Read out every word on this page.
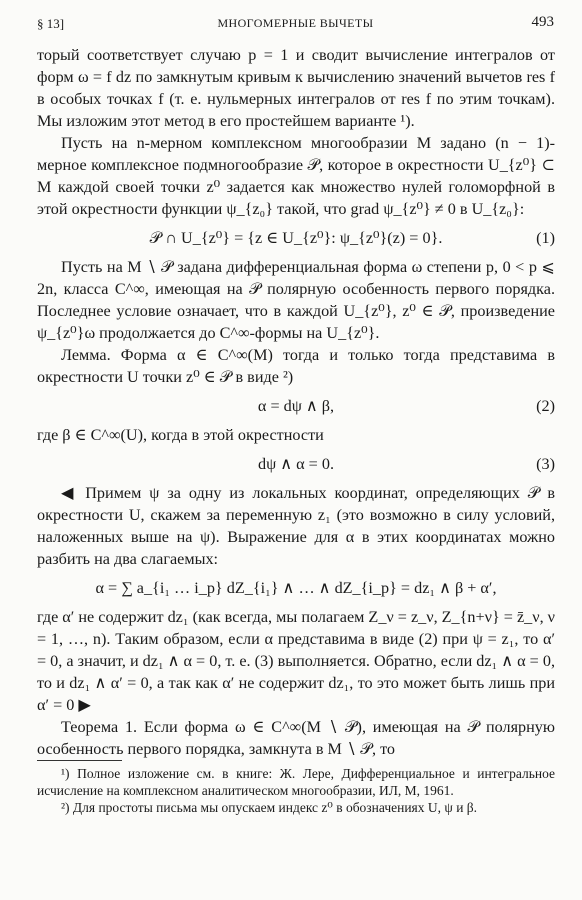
§ 13]	МНОГОМЕРНЫЕ ВЫЧЕТЫ	493

торый соответствует случаю p = 1 и сводит вычисление интегралов от форм ω = f dz по замкнутым кривым к вычислению значений вычетов res f в особых точках f (т. е. нульмерных интегралов от res f по этим точкам). Мы изложим этот метод в его простейшем варианте ¹).

Пусть на n-мерном комплексном многообразии M задано (n − 1)-мерное комплексное подмногообразие 𝒫, которое в окрестности U_{z⁰} ⊂ M каждой своей точки z⁰ задается как множество нулей голоморфной в этой окрестности функции ψ_{z₀} такой, что grad ψ_{z⁰} ≠ 0 в U_{z₀}:

𝒫 ∩ U_{z⁰} = {z ∈ U_{z⁰}: ψ_{z⁰}(z) = 0}.	(1)

Пусть на M ∖ 𝒫 задана дифференциальная форма ω степени p, 0 < p ⩽ 2n, класса C^∞, имеющая на 𝒫 полярную особенность первого порядка. Последнее условие означает, что в каждой U_{z⁰}, z⁰ ∈ 𝒫, произведение ψ_{z⁰}ω продолжается до C^∞-формы на U_{z⁰}.

Лемма. Форма α ∈ C^∞(M) тогда и только тогда представима в окрестности U точки z⁰ ∈ 𝒫 в виде ²)

α = dψ ∧ β,	(2)

где β ∈ C^∞(U), когда в этой окрестности

dψ ∧ α = 0.	(3)

◀ Примем ψ за одну из локальных координат, определяющих 𝒫 в окрестности U, скажем за переменную z₁ (это возможно в силу условий, наложенных выше на ψ). Выражение для α в этих координатах можно разбить на два слагаемых:

α = ∑ a_{i₁ … i_p} dZ_{i₁} ∧ … ∧ dZ_{i_p} = dz₁ ∧ β + α′,

где α′ не содержит dz₁ (как всегда, мы полагаем Z_ν = z_ν, Z_{n+ν} = z̄_ν, ν = 1, …, n). Таким образом, если α представима в виде (2) при ψ = z₁, то α′ = 0, а значит, и dz₁ ∧ α = 0, т. е. (3) выполняется. Обратно, если dz₁ ∧ α = 0, то и dz₁ ∧ α′ = 0, а так как α′ не содержит dz₁, то это может быть лишь при α′ = 0 ▶

Теорема 1. Если форма ω ∈ C^∞(M ∖ 𝒫), имеющая на 𝒫 полярную особенность первого порядка, замкнута в M ∖ 𝒫, то

¹) Полное изложение см. в книге: Ж. Лере, Дифференциальное и интегральное исчисление на комплексном аналитическом многообразии, ИЛ, М, 1961.

²) Для простоты письма мы опускаем индекс z⁰ в обозначениях U, ψ и β.
